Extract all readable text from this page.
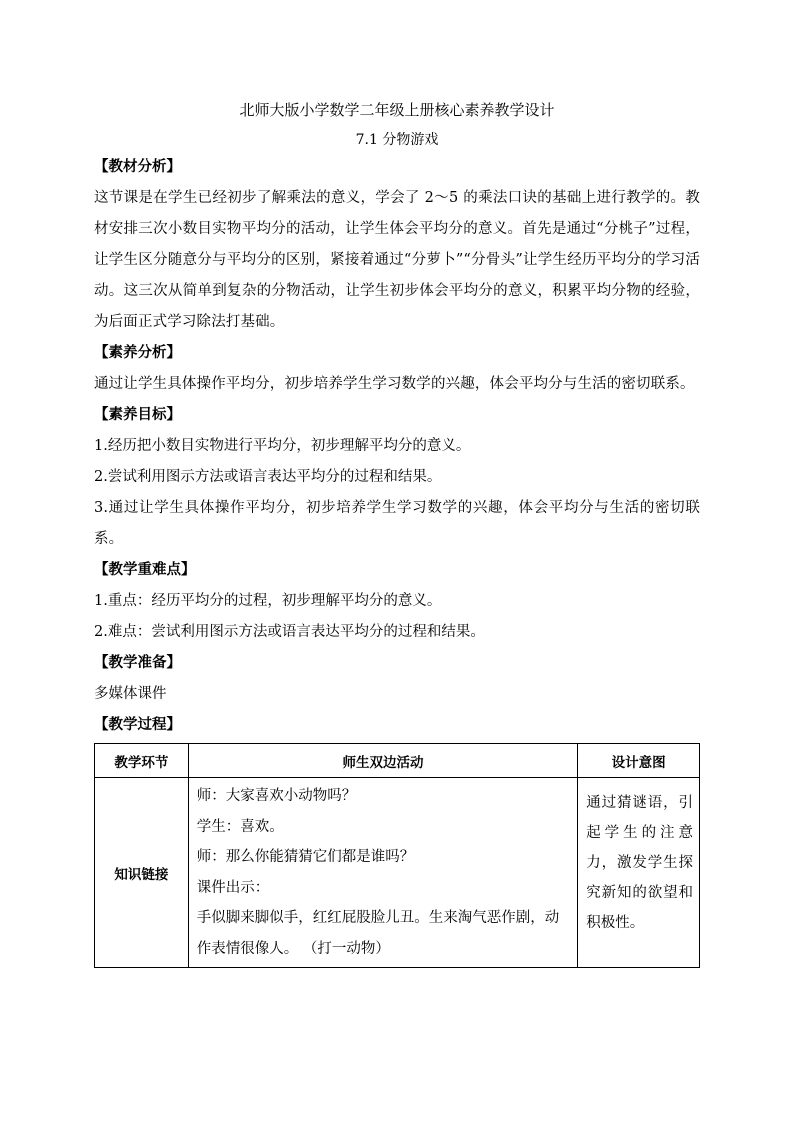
北师大版小学数学二年级上册核心素养教学设计

7.1 分物游戏

【教材分析】

这节课是在学生已经初步了解乘法的意义，学会了 2～5 的乘法口诀的基础上进行教学的。教材安排三次小数目实物平均分的活动，让学生体会平均分的意义。首先是通过“分桃子”过程，让学生区分随意分与平均分的区别，紧接着通过“分萝卜”“分骨头”让学生经历平均分的学习活动。这三次从简单到复杂的分物活动，让学生初步体会平均分的意义，积累平均分物的经验，为后面正式学习除法打基础。

【素养分析】

通过让学生具体操作平均分，初步培养学生学习数学的兴趣，体会平均分与生活的密切联系。

【素养目标】

1.经历把小数目实物进行平均分，初步理解平均分的意义。

2.尝试利用图示方法或语言表达平均分的过程和结果。

3.通过让学生具体操作平均分，初步培养学生学习数学的兴趣，体会平均分与生活的密切联系。

【教学重难点】

1.重点：经历平均分的过程，初步理解平均分的意义。

2.难点：尝试利用图示方法或语言表达平均分的过程和结果。

【教学准备】

多媒体课件

【教学过程】

教学环节	师生双边活动	设计意图
知识链接	师：大家喜欢小动物吗？
学生：喜欢。
师：那么你能猜猜它们都是谁吗？
课件出示：
手似脚来脚似手，红红屁股脸儿丑。生来淘气恶作剧，动作表情很像人。 （打一动物）	通过猜谜语，引起学生的注意力，激发学生探究新知的欲望和积极性。
